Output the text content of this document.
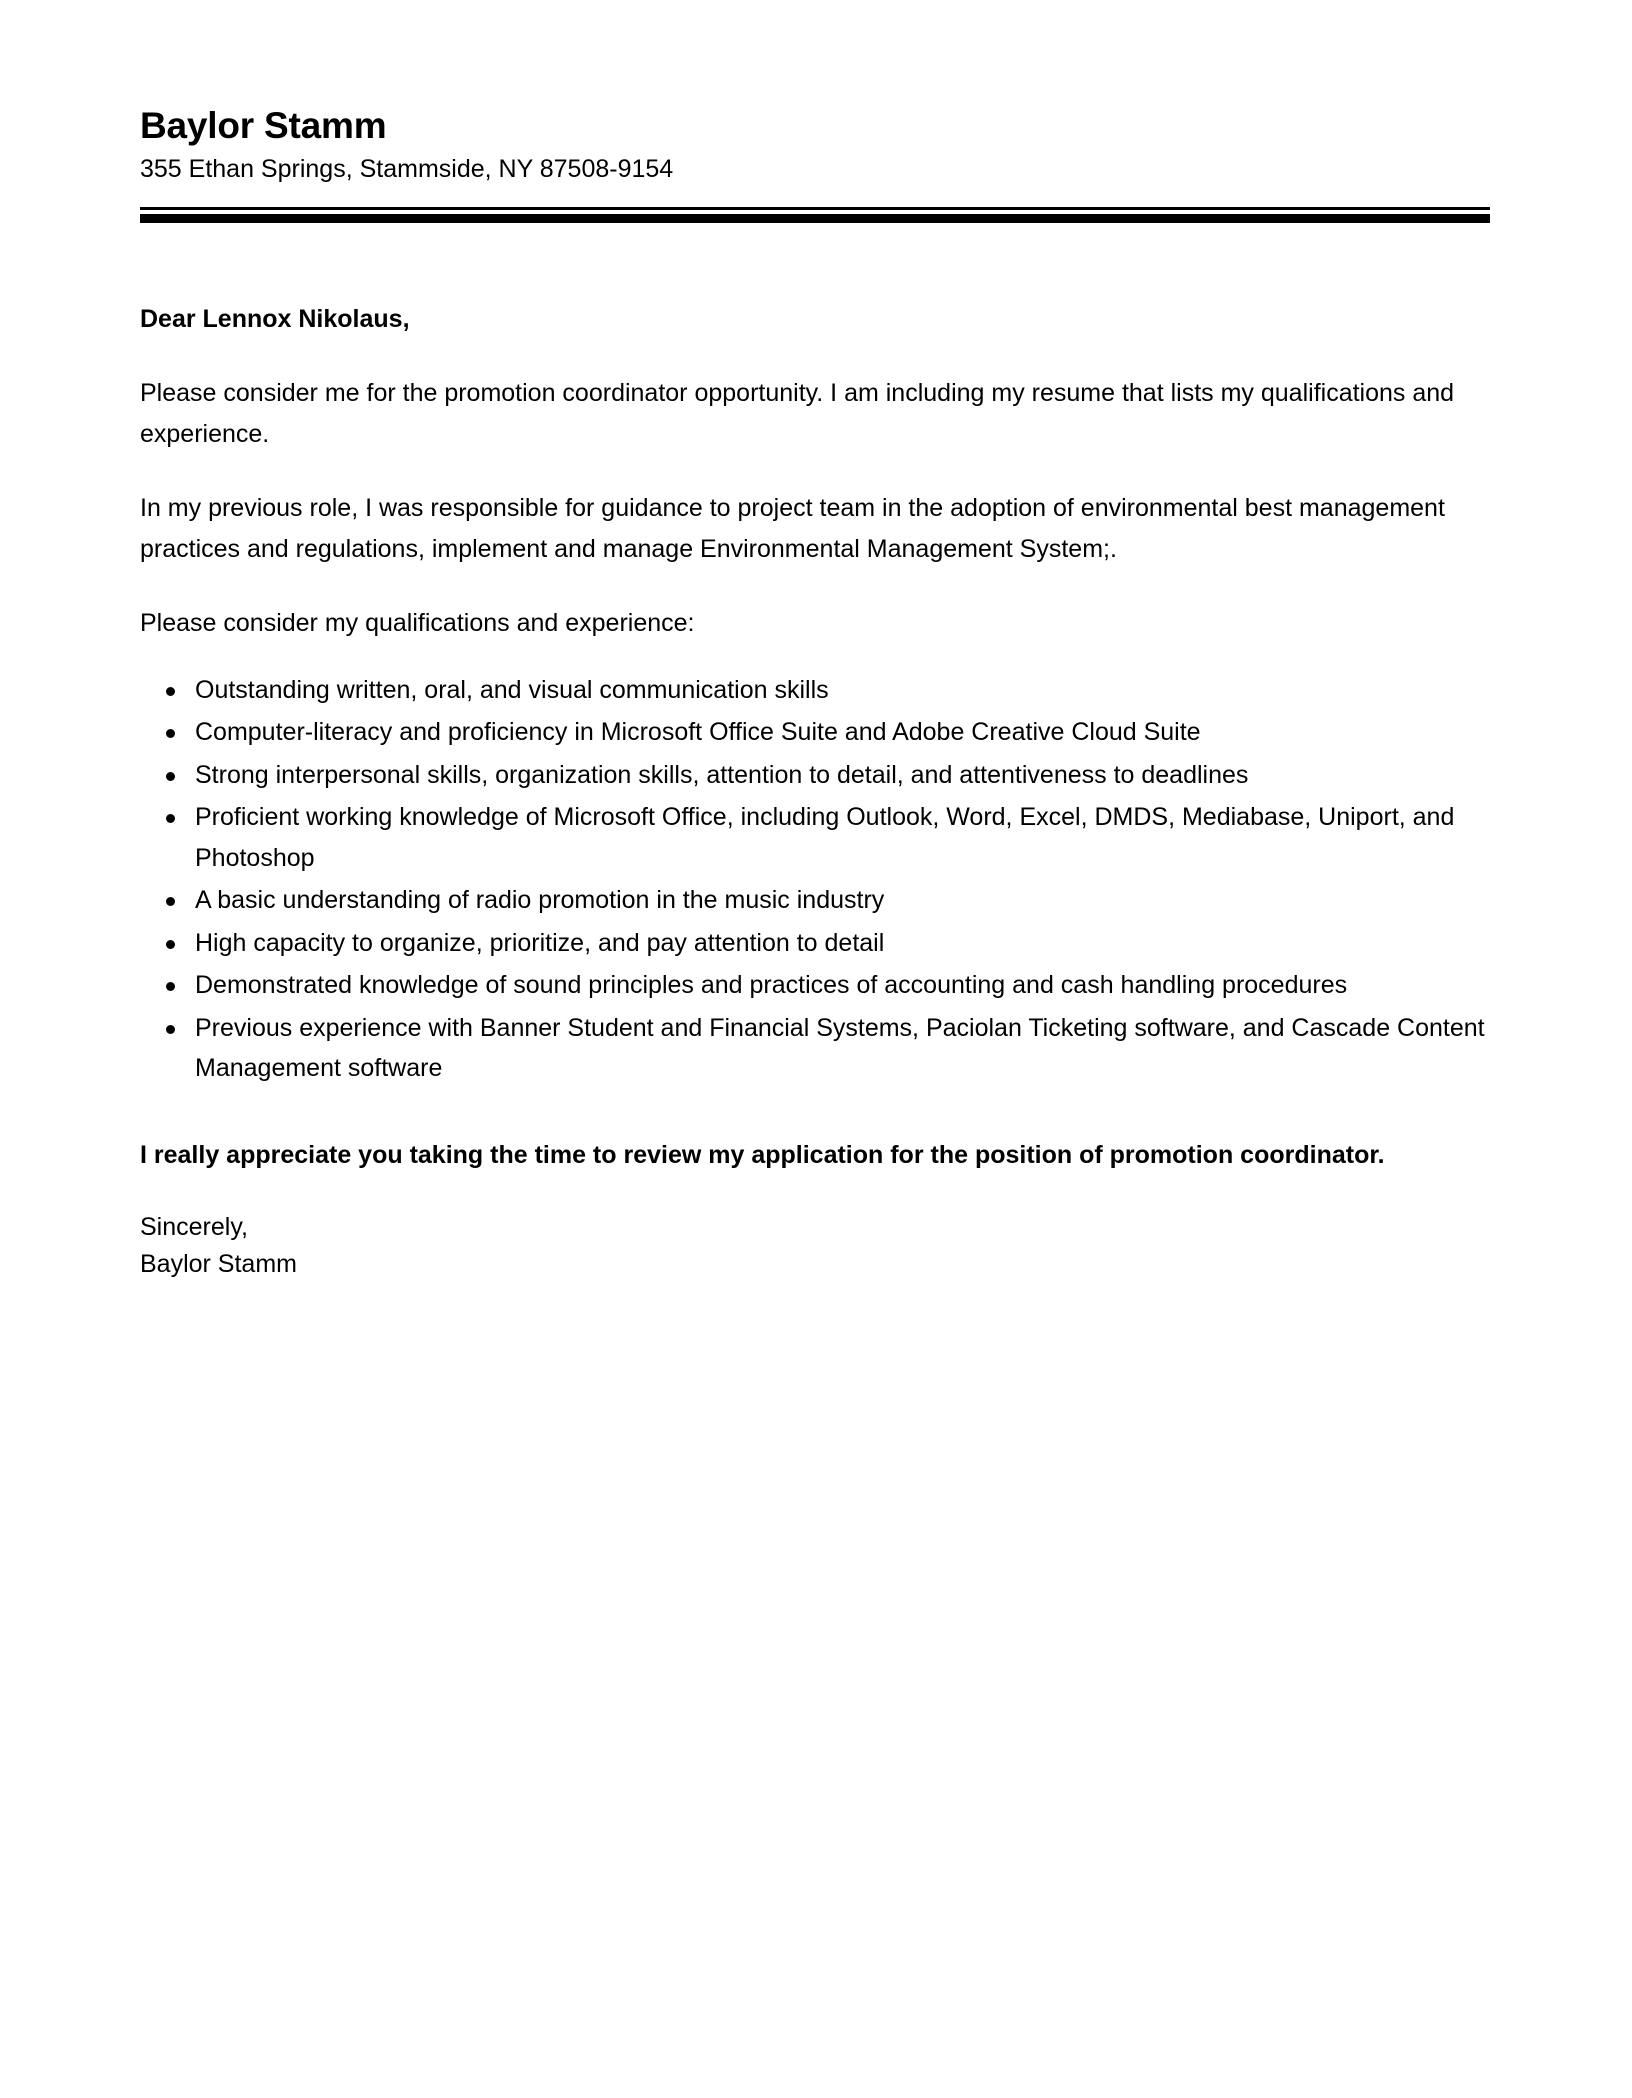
Baylor Stamm
355 Ethan Springs, Stammside, NY 87508-9154

Dear Lennox Nikolaus,

Please consider me for the promotion coordinator opportunity. I am including my resume that lists my qualifications and experience.

In my previous role, I was responsible for guidance to project team in the adoption of environmental best management practices and regulations, implement and manage Environmental Management System;.

Please consider my qualifications and experience:

Outstanding written, oral, and visual communication skills
Computer-literacy and proficiency in Microsoft Office Suite and Adobe Creative Cloud Suite
Strong interpersonal skills, organization skills, attention to detail, and attentiveness to deadlines
Proficient working knowledge of Microsoft Office, including Outlook, Word, Excel, DMDS, Mediabase, Uniport, and Photoshop
A basic understanding of radio promotion in the music industry
High capacity to organize, prioritize, and pay attention to detail
Demonstrated knowledge of sound principles and practices of accounting and cash handling procedures
Previous experience with Banner Student and Financial Systems, Paciolan Ticketing software, and Cascade Content Management software

I really appreciate you taking the time to review my application for the position of promotion coordinator.

Sincerely,
Baylor Stamm
